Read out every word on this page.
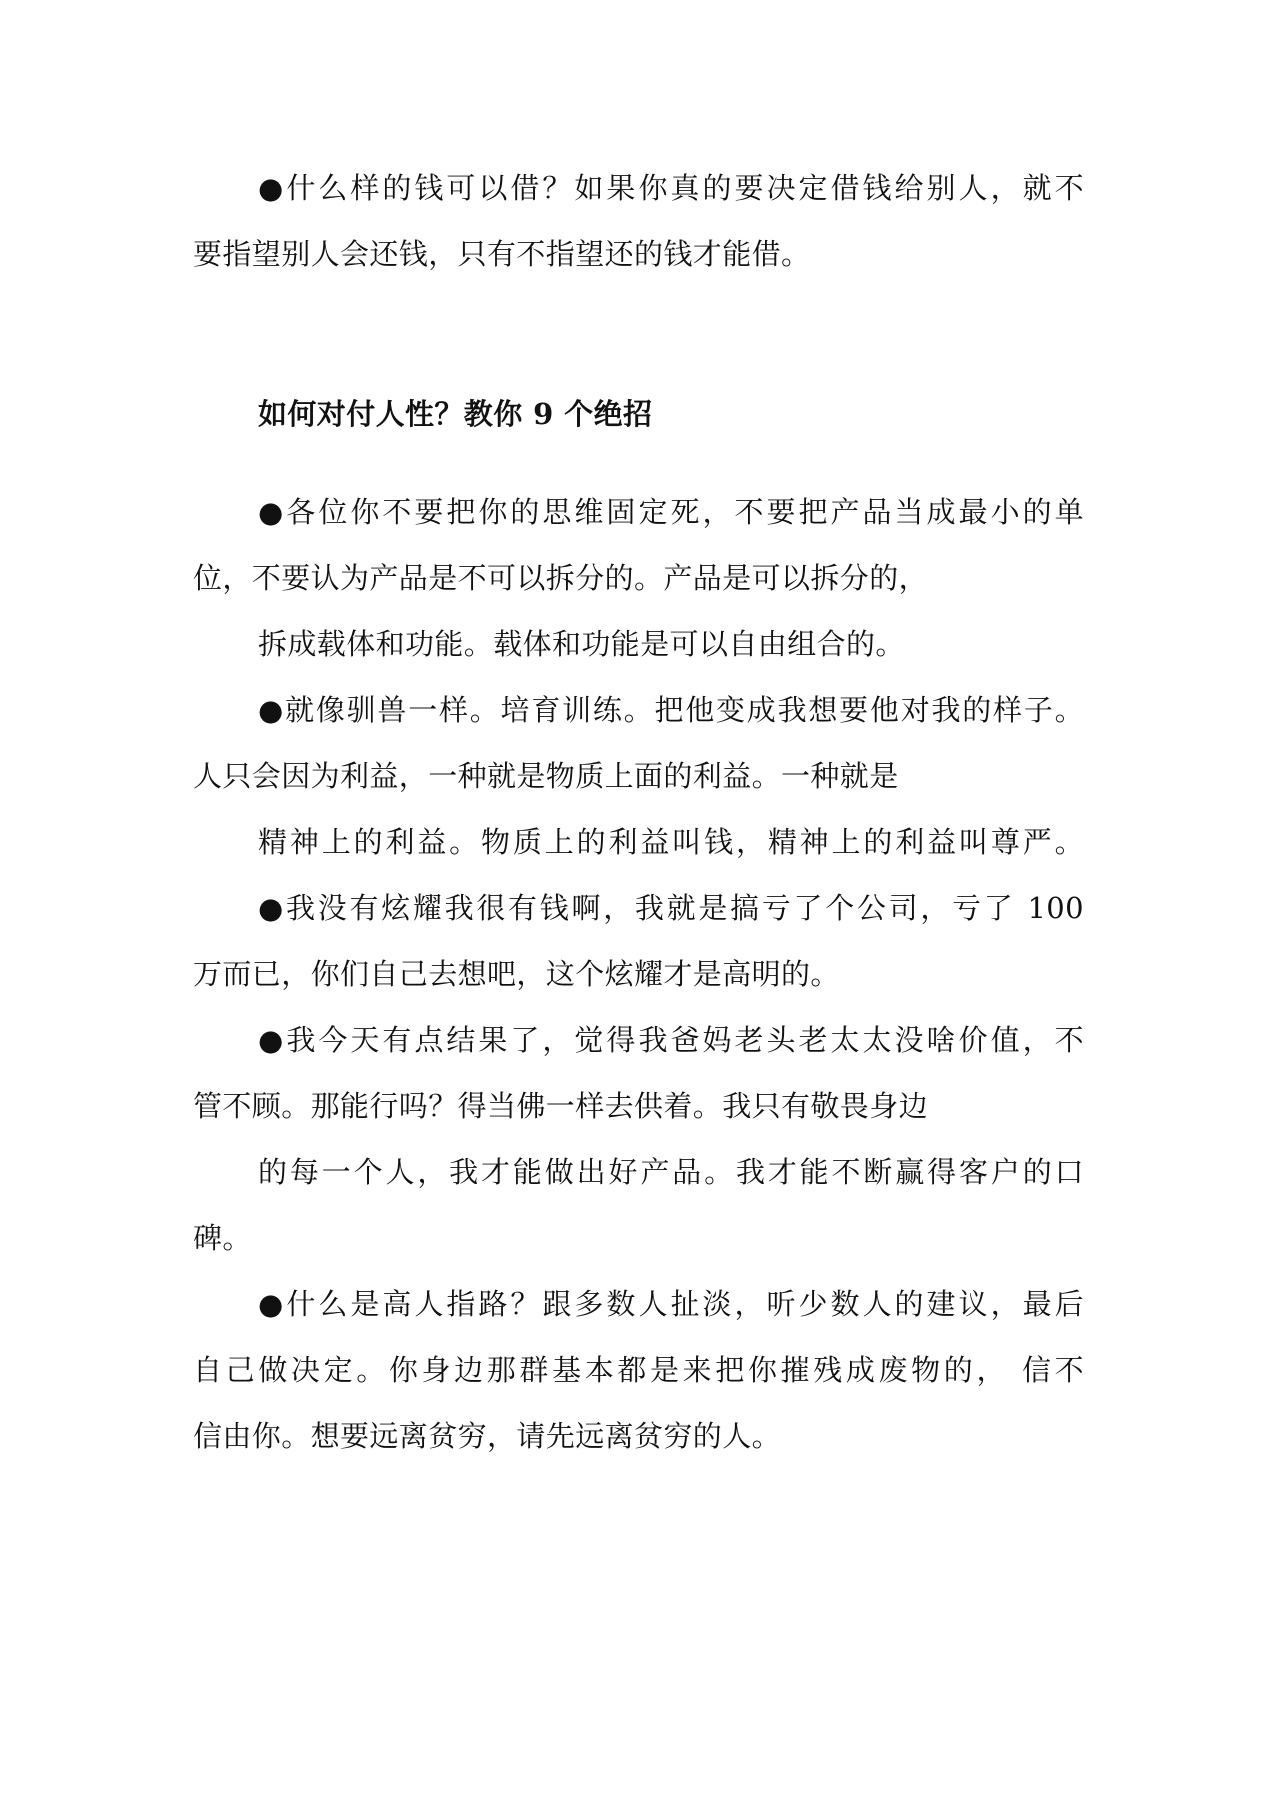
●什么样的钱可以借？如果你真的要决定借钱给别人，就不
要指望别人会还钱，只有不指望还的钱才能借。
如何对付人性？教你 9 个绝招
●各位你不要把你的思维固定死，不要把产品当成最小的单
位，不要认为产品是不可以拆分的。产品是可以拆分的，
拆成载体和功能。载体和功能是可以自由组合的。
●就像驯兽一样。培育训练。把他变成我想要他对我的样子。
人只会因为利益，一种就是物质上面的利益。一种就是
精神上的利益。物质上的利益叫钱，精神上的利益叫尊严。
●我没有炫耀我很有钱啊，我就是搞亏了个公司，亏了 100
万而已，你们自己去想吧，这个炫耀才是高明的。
●我今天有点结果了，觉得我爸妈老头老太太没啥价值，不
管不顾。那能行吗？得当佛一样去供着。我只有敬畏身边
的每一个人，我才能做出好产品。我才能不断赢得客户的口
碑。
●什么是高人指路？跟多数人扯淡，听少数人的建议，最后
自己做决定。你身边那群基本都是来把你摧残成废物的， 信不
信由你。想要远离贫穷，请先远离贫穷的人。
